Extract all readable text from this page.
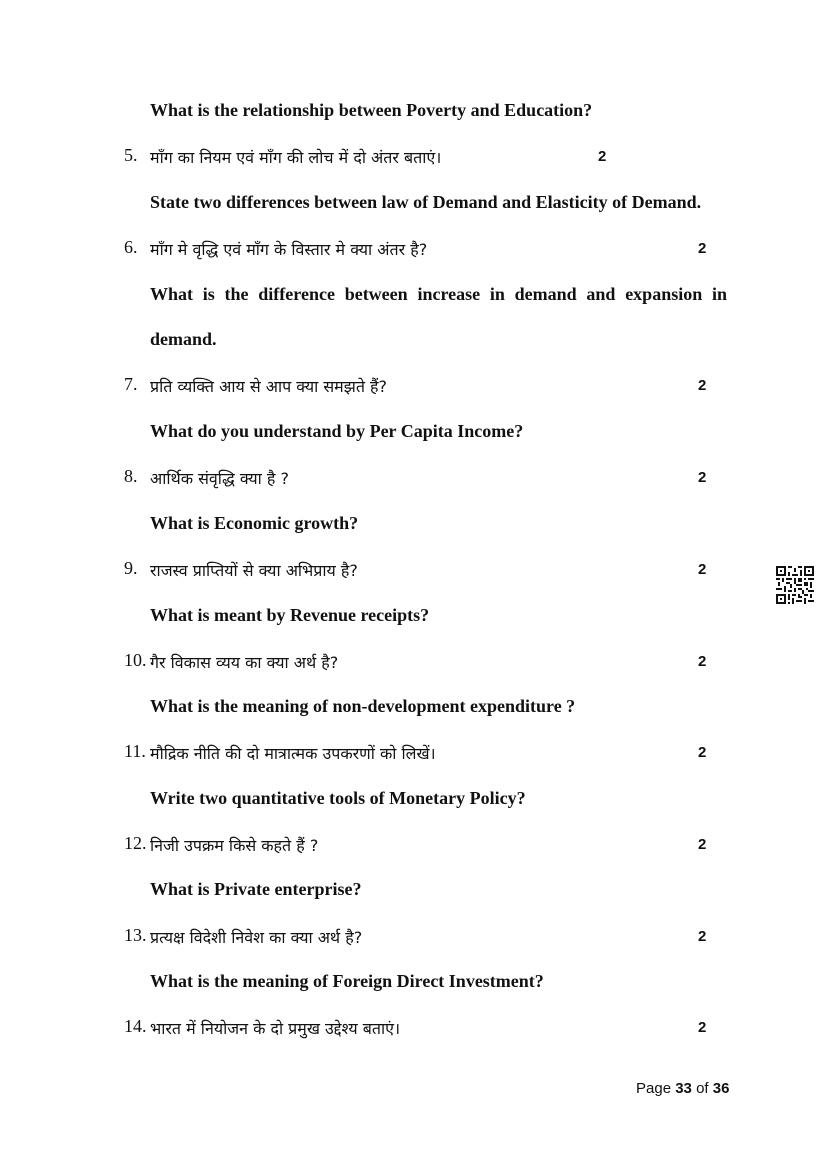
What is the relationship between Poverty and Education?
5. माँग का नियम एवं माँग की लोच में दो अंतर बताएं।	2
State two differences between law of Demand and Elasticity of Demand.
6. माँग मे वृद्धि एवं माँग के विस्तार मे क्या अंतर है?	2
What is the difference between increase in demand and expansion in
demand.
7. प्रति व्यक्ति आय से आप क्या समझते हैं?	2
What do you understand by Per Capita Income?
8. आर्थिक संवृद्धि क्या है ?	2
What is Economic growth?
9. राजस्व प्राप्तियों से क्या अभिप्राय है?	2
What is meant by Revenue receipts?
10. गैर विकास व्यय का क्या अर्थ है?	2
What is the meaning of non-development expenditure ?
11. मौद्रिक नीति की दो मात्रात्मक उपकरणों को लिखें।	2
Write two quantitative tools of Monetary Policy?
12. निजी उपक्रम किसे कहते हैं ?	2
What is Private enterprise?
13. प्रत्यक्ष विदेशी निवेश का क्या अर्थ है?	2
What is the meaning of Foreign Direct Investment?
14. भारत में नियोजन के दो प्रमुख उद्देश्य बताएं।	2
Page 33 of 36
